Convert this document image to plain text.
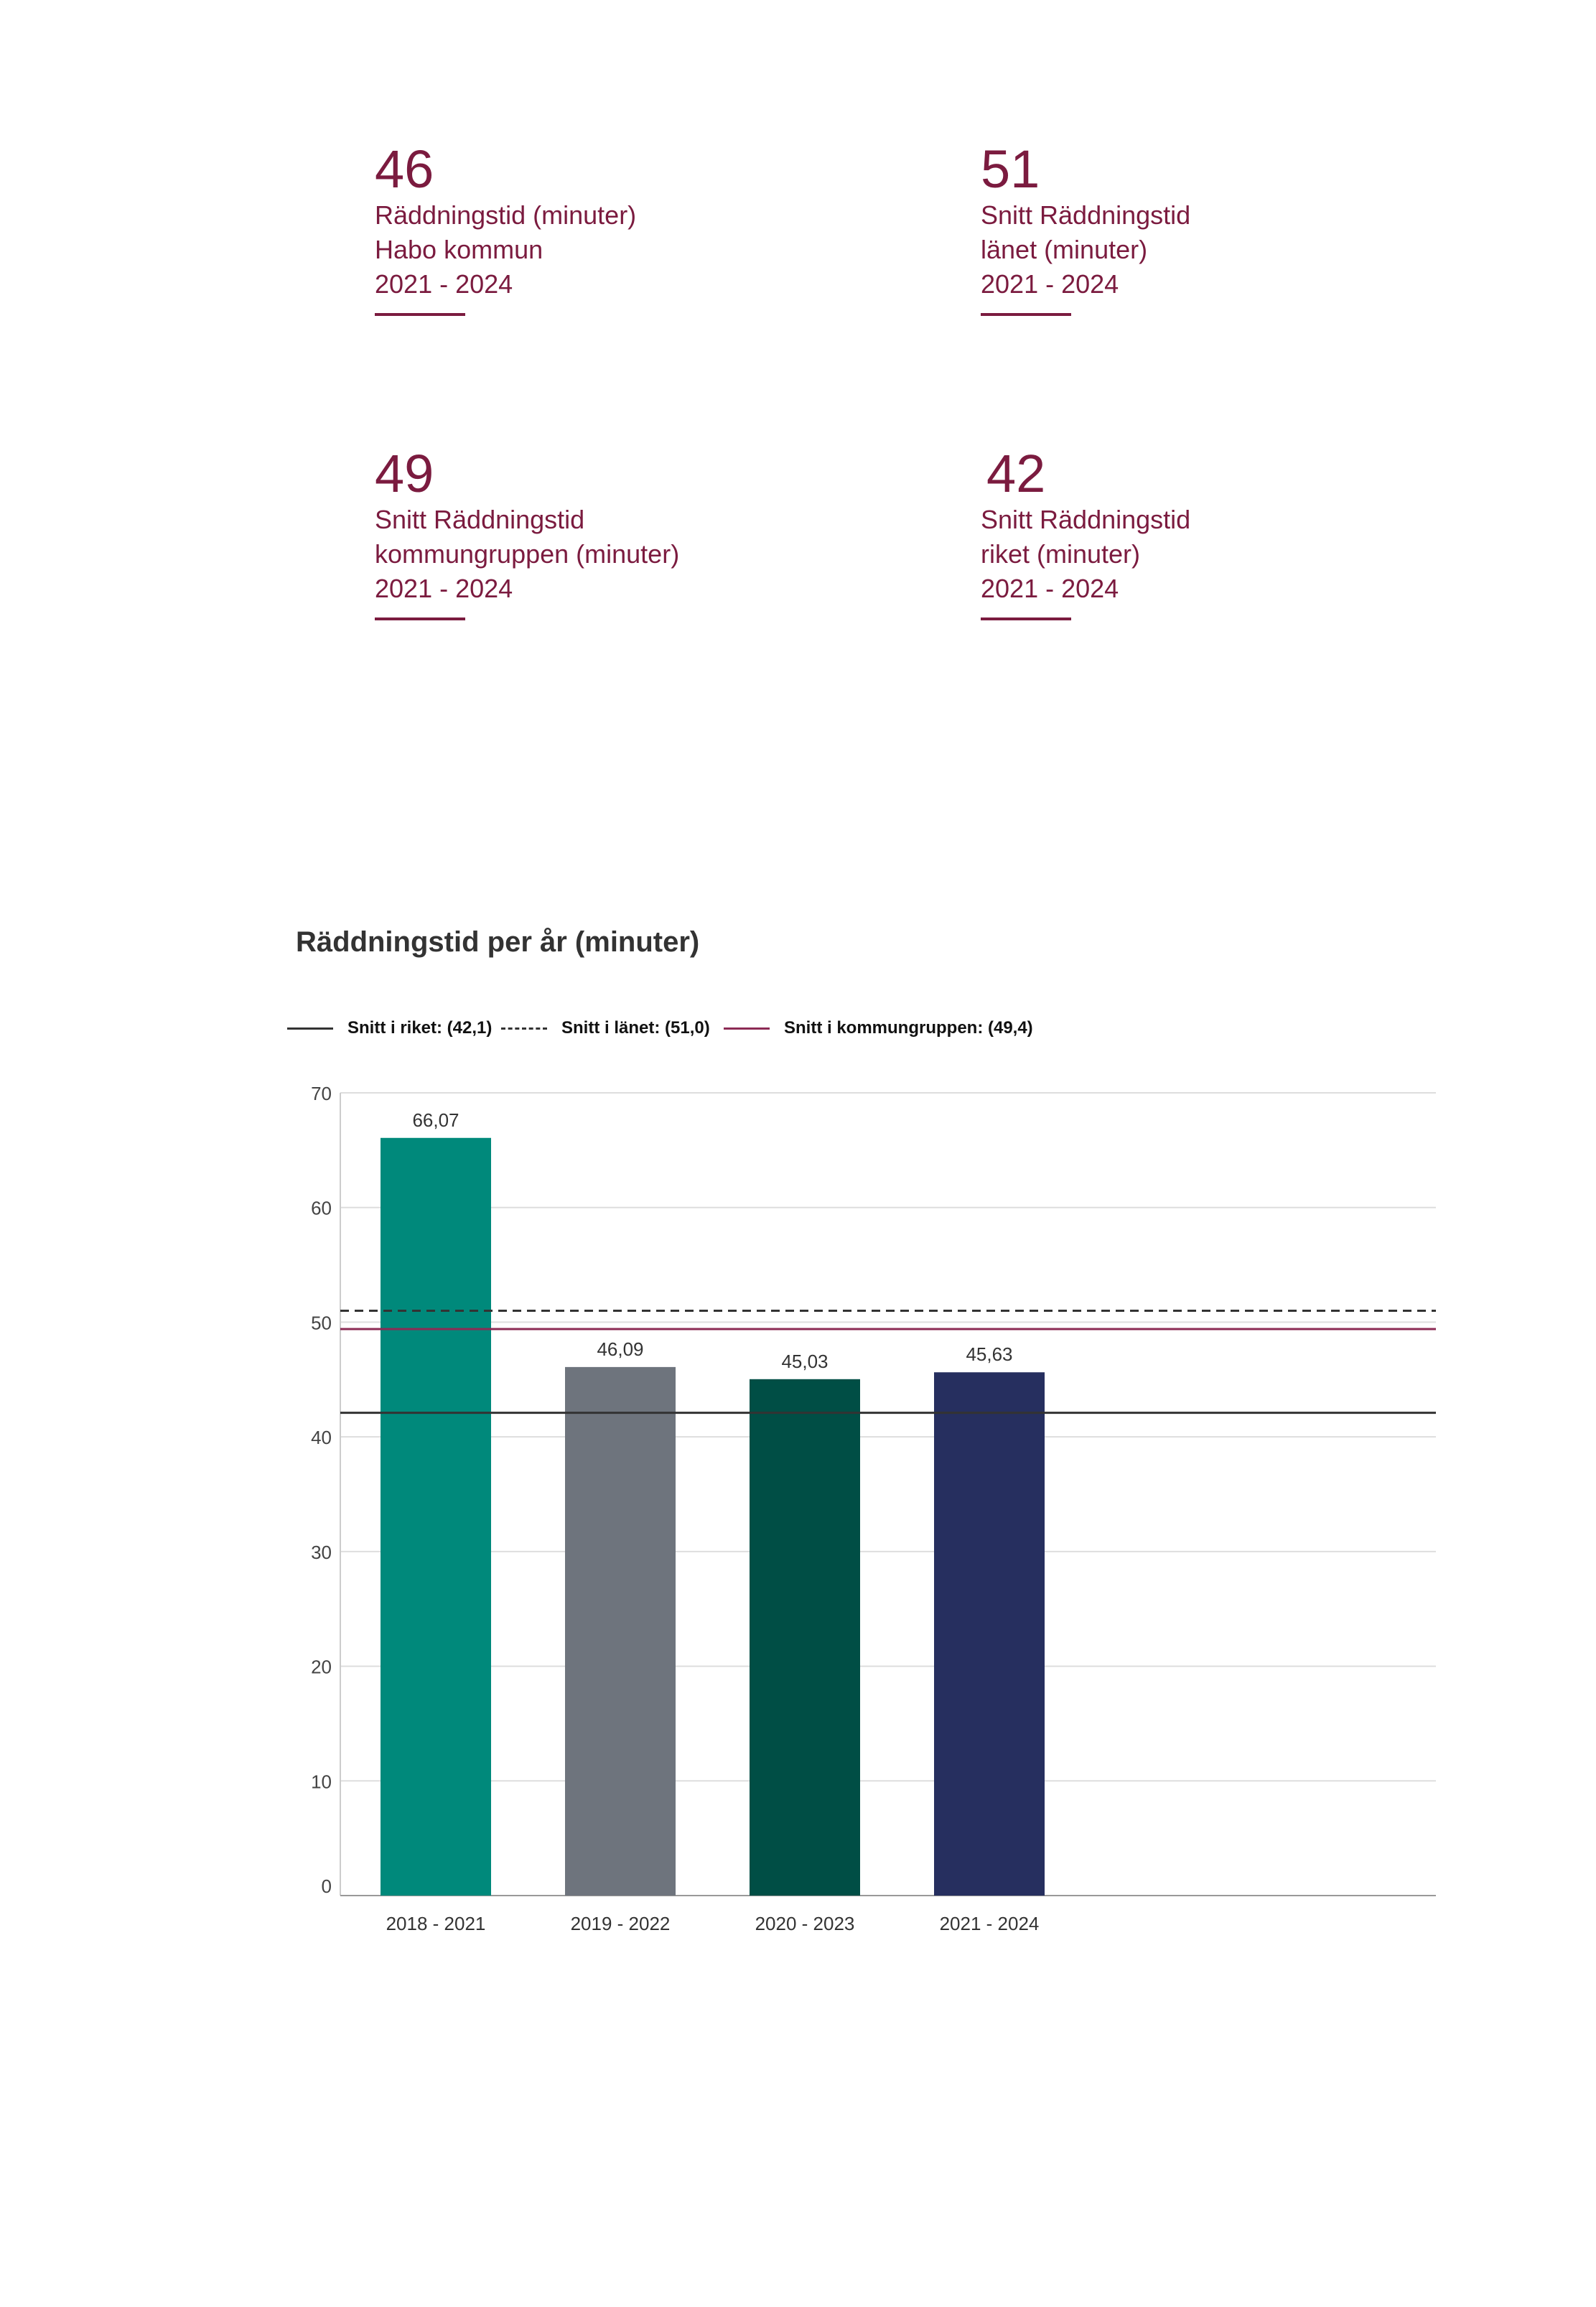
46
Räddningstid (minuter)
Habo kommun
2021 - 2024
51
Snitt Räddningstid
länet (minuter)
2021 - 2024
49
Snitt Räddningstid
kommungruppen (minuter)
2021 - 2024
42
Snitt Räddningstid
riket (minuter)
2021 - 2024
Räddningstid per år (minuter)
Snitt i riket: (42,1)	Snitt i länet: (51,0)	Snitt i kommungruppen: (49,4)
0
10
20
30
40
50
60
70
66,07
2018 - 2021
46,09
2019 - 2022
45,03
2020 - 2023
45,63
2021 - 2024
